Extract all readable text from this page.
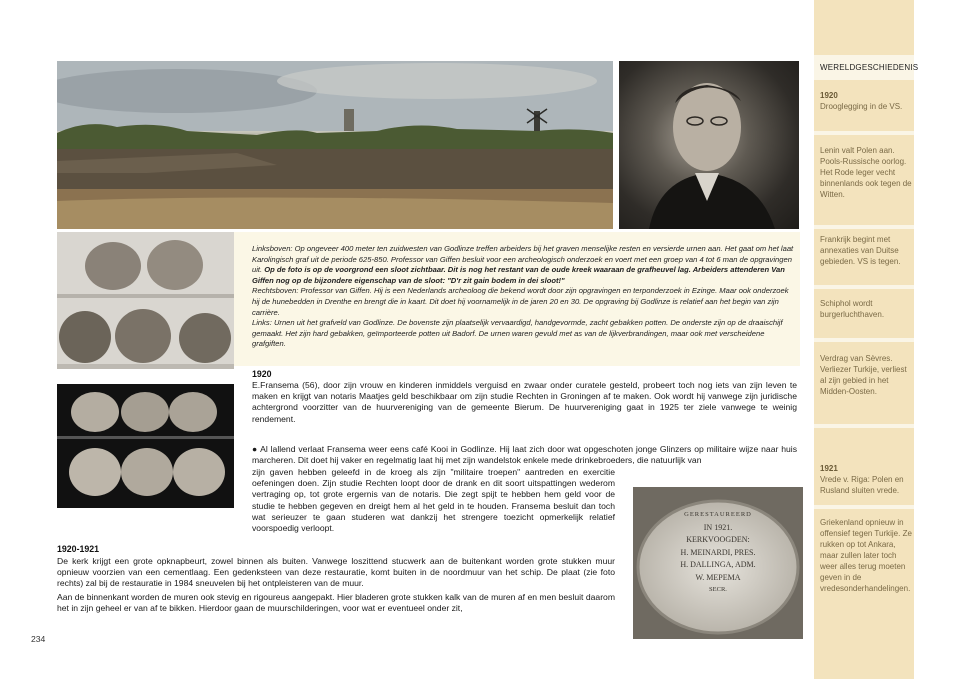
WERELDGESCHIEDENIS
1920
Drooglegging in de VS.
Lenin valt Polen aan. Pools-Russische oorlog. Het Rode leger vecht binnenlands ook tegen de Witten.
Frankrijk begint met annexaties van Duitse gebieden. VS is tegen.
Schiphol wordt burgerluchthaven.
Verdrag van Sèvres. Verliezer Turkije, verliest al zijn gebied in het Midden-Oosten.
1921
Vrede v. Riga: Polen en Rusland sluiten vrede.
Griekenland opnieuw in offensief tegen Turkije. Ze rukken op tot Ankara, maar zullen later toch weer alles terug moeten geven in de vredesonderhandelingen.

Linksboven: Op ongeveer 400 meter ten zuidwesten van Godlinze treffen arbeiders bij het graven menselijke resten en versierde urnen aan. Het gaat om het laat Karolingisch graf uit de periode 625-850. Professor van Giffen besluit voor een archeologisch onderzoek en voert met een groep van 4 tot 6 man de opgravingen uit. Op de foto is op de voorgrond een sloot zichtbaar. Dit is nog het restant van de oude kreek waaraan de grafheuvel lag. Arbeiders attenderen Van Giffen nog op de bijzondere eigenschap van de sloot: "D'r zit gain bodem in dei sloot!"

Rechtsboven: Professor van Giffen. Hij is een Nederlands archeoloog die bekend wordt door zijn opgravingen en terponderzoek in Ezinge. Maar ook onderzoek hij de hunebedden in Drenthe en brengt die in kaart. Dit doet hij voornamelijk in de jaren 20 en 30. De opgraving bij Godlinze is relatief aan het begin van zijn carrière.

Links: Urnen uit het grafveld van Godlinze. De bovenste zijn plaatselijk vervaardigd, handgevormde, zacht gebakken potten. De onderste zijn op de draaischijf gemaakt. Het zijn hard gebakken, geïmporteerde potten uit Badorf. De urnen waren gevuld met as van de lijkverbrandingen, maar ook met verscheidene grafgiften.

1920
E.Fransema (56), door zijn vrouw en kinderen inmiddels verguisd en zwaar onder curatele gesteld, probeert toch nog iets van zijn leven te maken en krijgt van notaris Maatjes geld beschikbaar om zijn studie Rechten in Groningen af te maken. Ook wordt hij vanwege zijn juridische achtergrond voorzitter van de huurvereniging van de gemeente Bierum. De huurvereniging gaat in 1925 ter ziele vanwege te weinig rendement.
● Al lallend verlaat Fransema weer eens café Kooi in Godlinze. Hij laat zich door wat opgeschoten jonge Glinzers op militaire wijze naar huis marcheren. Dit doet hij vaker en regelmatig laat hij met zijn wandelstok enkele mede drinkebroeders, die natuurlijk van
zijn gaven hebben geleefd in de kroeg als zijn "militaire troepen" aantreden en exercitie oefeningen doen. Zijn studie Rechten loopt door de drank en dit soort uitspattingen wederom vertraging op, tot grote ergernis van de notaris. Die zegt spijt te hebben hem geld voor de studie te hebben gegeven en dreigt hem al het geld in te houden. Fransema besluit dan toch wat serieuzer te gaan studeren wat dankzij het strengere toezicht opmerkelijk relatief voorspoedig verloopt.
GERESTAUREERD
IN 1921.
KERKVOOGDEN:
H. MEINARDI, PRES.
H. DALLINGA, ADM.
W. MEPEMA
SECR.
1920-1921
De kerk krijgt een grote opknapbeurt, zowel binnen als buiten. Vanwege loszittend stucwerk aan de buitenkant worden grote stukken muur opnieuw voorzien van een cementlaag. Een gedenksteen van deze restauratie, komt buiten in de noordmuur van het schip. De plaat (zie foto rechts) zal bij de restauratie in 1984 sneuvelen bij het ontpleisteren van de muur.
Aan de binnenkant worden de muren ook stevig en rigoureus aangepakt. Hier bladeren grote stukken kalk van de muren af en men besluit daarom het in zijn geheel er van af te bikken. Hierdoor gaan de muurschilderingen, voor wat er eventueel onder zit,
234
